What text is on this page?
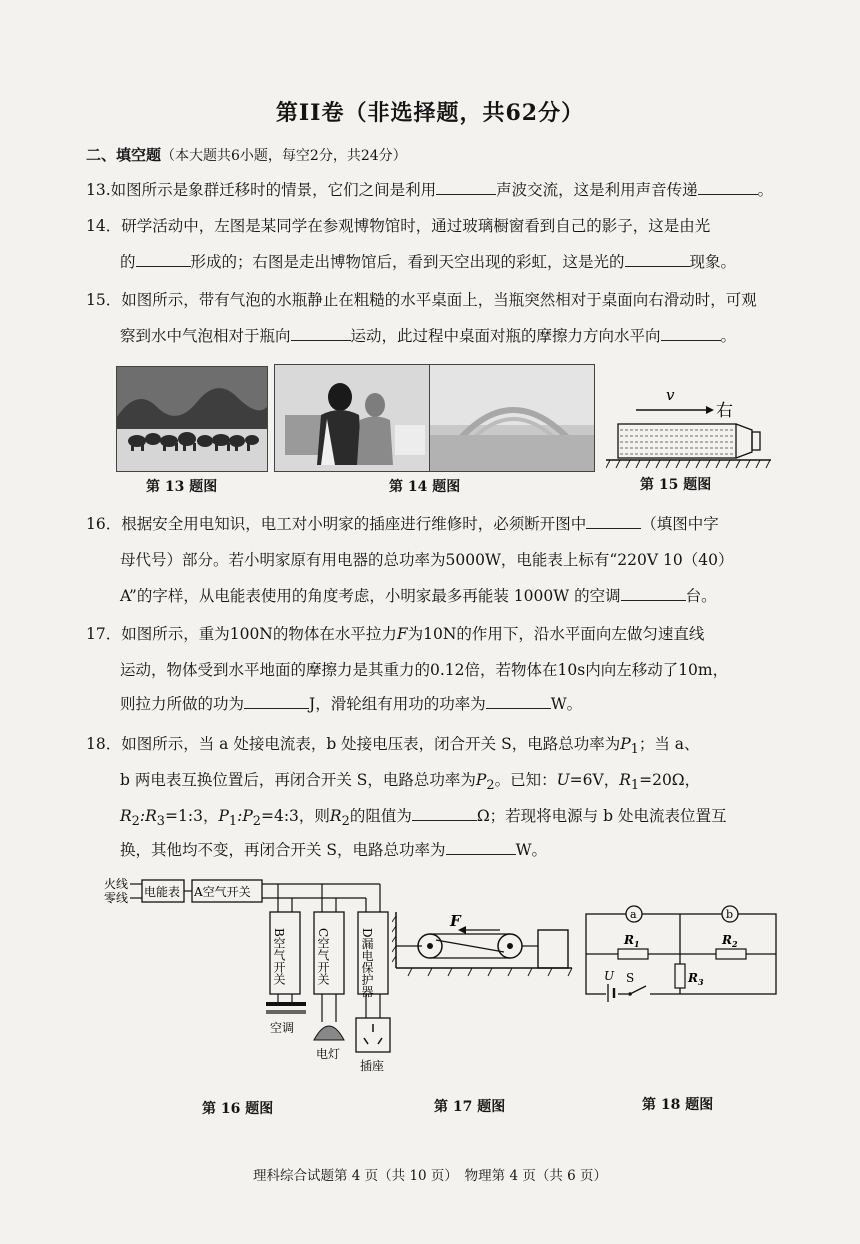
第II卷（非选择题，共62分）
二、填空题（本大题共6小题，每空2分，共24分）
13.如图所示是象群迁移时的情景，它们之间是利用	声波交流，这是利用声音传递	。
14．研学活动中，左图是某同学在参观博物馆时，通过玻璃橱窗看到自己的影子，这是由光
的	形成的；右图是走出博物馆后，看到天空出现的彩虹，这是光的	现象。
15．如图所示，带有气泡的水瓶静止在粗糙的水平桌面上，当瓶突然相对于桌面向右滑动时，可观
察到水中气泡相对于瓶向	运动，此过程中桌面对瓶的摩擦力方向水平向	。
第 13 题图	第 14 题图
v
右
第 15 题图
16．根据安全用电知识，电工对小明家的插座进行维修时，必须断开图中	（填图中字
母代号）部分。若小明家原有用电器的总功率为5000W，电能表上标有“220V 10（40）
A”的字样，从电能表使用的角度考虑，小明家最多再能装 1000W 的空调	台。
17．如图所示，重为100N的物体在水平拉力F为10N的作用下，沿水平面向左做匀速直线
运动，物体受到水平地面的摩擦力是其重力的0.12倍，若物体在10s内向左移动了10m，
则拉力所做的功为	J，滑轮组有用功的功率为	W。
18．如图所示，当 a 处接电流表，b 处接电压表，闭合开关 S，电路总功率为$P_1$；当 a、
b 两电表互换位置后，再闭合开关 S，电路总功率为$P_2$。已知：U=6V，$R_1=20\Omega$，
$R_2:R_3=1:3$，$P_1:P_2=4:3$，则$R_2$的阻值为	Ω；若现将电源与 b 处电流表位置互
换，其他均不变，再闭合开关 S，电路总功率为	W。
火线
零线 电能表 A空气开关
B空气开关	C空气开关	D漏电保护器
空调
电灯
插座
第 16 题图
F
第 17 题图
a	b
$R_1$	$R_2$
$R_3$
U S
第 18 题图
理科综合试题第 4 页（共 10 页）　物理第 4 页（共 6 页）
